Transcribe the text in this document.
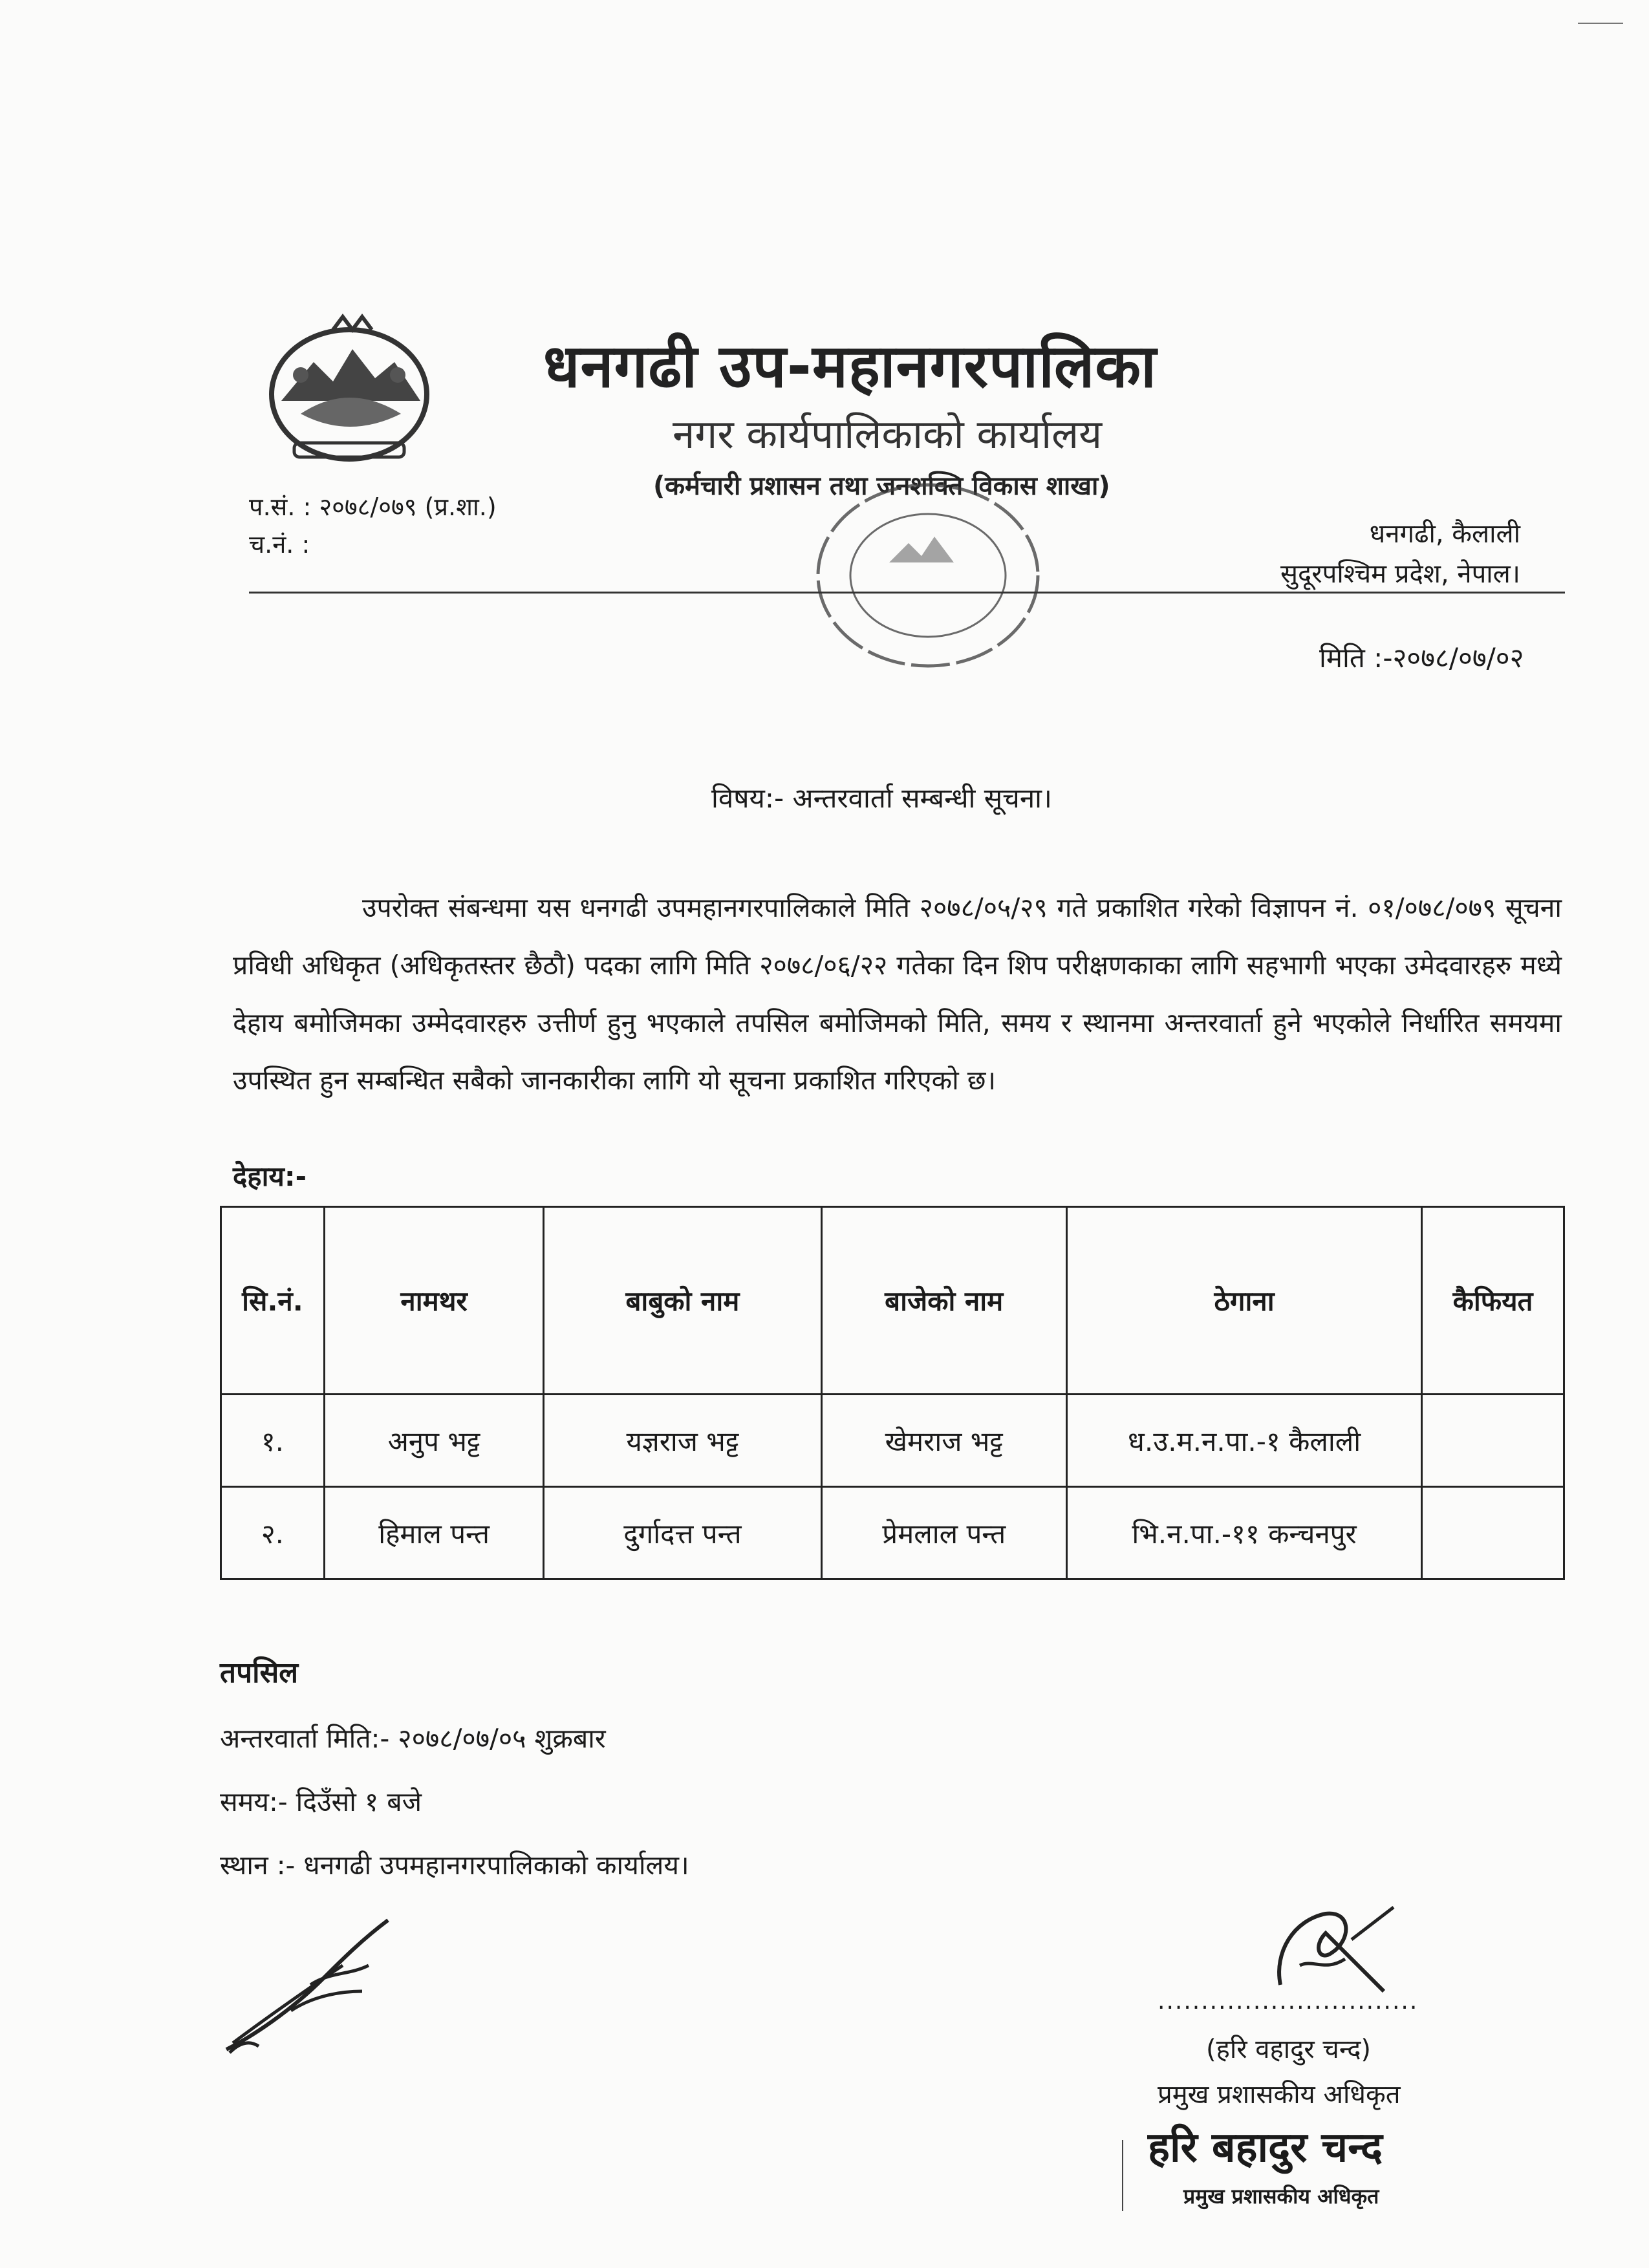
धनगढी उप-महानगरपालिका
नगर कार्यपालिकाको कार्यालय
(कर्मचारी प्रशासन तथा जनशक्ति विकास शाखा)
प.सं. : २०७८/०७९ (प्र.शा.)
च.नं. :	धनगढी, कैलाली
सुदूरपश्चिम प्रदेश, नेपाल।
मिति :-२०७८/०७/०२
विषय:- अन्तरवार्ता सम्बन्धी सूचना।
उपरोक्त संबन्धमा यस धनगढी उपमहानगरपालिकाले मिति २०७८/०५/२९ गते प्रकाशित गरेको विज्ञापन नं. ०१/०७८/०७९ सूचना प्रविधी अधिकृत (अधिकृतस्तर छैठौ) पदका लागि मिति २०७८/०६/२२ गतेका दिन शिप परीक्षणकाका लागि सहभागी भएका उमेदवारहरु मध्ये देहाय बमोजिमका उम्मेदवारहरु उत्तीर्ण हुनु भएकाले तपसिल बमोजिमको मिति, समय र स्थानमा अन्तरवार्ता हुने भएकोले निर्धारित समयमा उपस्थित हुन सम्बन्धित सबैको जानकारीका लागि यो सूचना प्रकाशित गरिएको छ।
देहाय:-
सि.नं.	नामथर	बाबुको नाम	बाजेको नाम	ठेगाना	कैफियत
१.	अनुप भट्ट	यज्ञराज भट्ट	खेमराज भट्ट	ध.उ.म.न.पा.-१ कैलाली	
२.	हिमाल पन्त	दुर्गादत्त पन्त	प्रेमलाल पन्त	भि.न.पा.-११ कन्चनपुर	
तपसिल
अन्तरवार्ता मिति:- २०७८/०७/०५ शुक्रबार
समय:- दिउँसो १ बजे
स्थान :- धनगढी उपमहानगरपालिकाको कार्यालय।
..............................
(हरि वहादुर चन्द)
प्रमुख प्रशासकीय अधिकृत
हरि बहादुर चन्द
प्रमुख प्रशासकीय अधिकृत
